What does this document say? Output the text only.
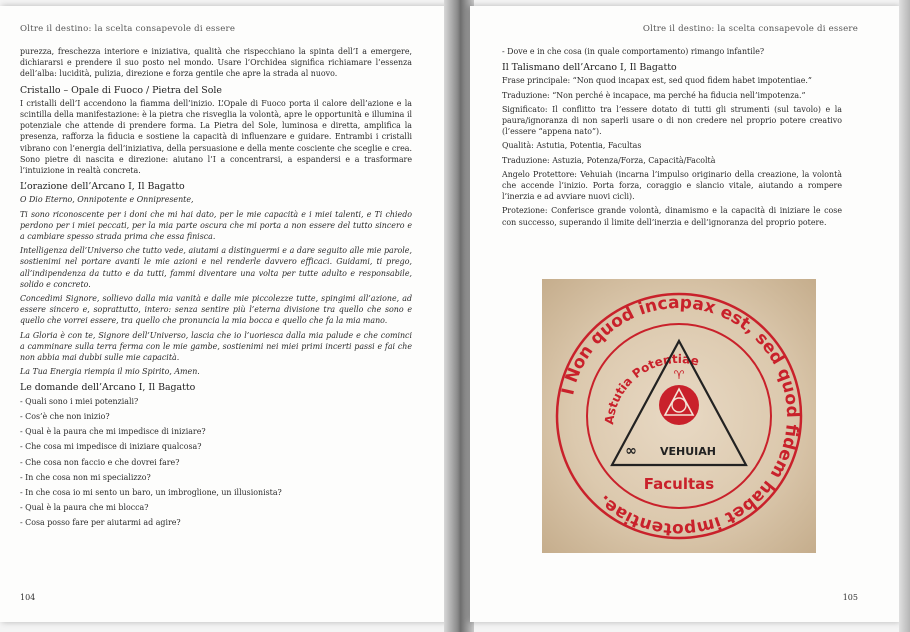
Oltre il destino: la scelta consapevole di essere

purezza, freschezza interiore e iniziativa, qualità che rispecchiano la spinta dell’I a emergere, dichiararsi e prendere il suo posto nel mondo. Usare l’Orchidea significa richiamare l’essenza dell’alba: lucidità, pulizia, direzione e forza gentile che apre la strada al nuovo.

Cristallo – Opale di Fuoco / Pietra del Sole

I cristalli dell’I accendono la fiamma dell’inizio. L’Opale di Fuoco porta il calore dell’azione e la scintilla della manifestazione: è la pietra che risveglia la volontà, apre le opportunità e illumina il potenziale che attende di prendere forma. La Pietra del Sole, luminosa e diretta, amplifica la presenza, rafforza la fiducia e sostiene la capacità di influenzare e guidare. Entrambi i cristalli vibrano con l’energia dell’iniziativa, della persuasione e della mente cosciente che sceglie e crea. Sono pietre di nascita e direzione: aiutano l’I a concentrarsi, a espandersi e a trasformare l’intuizione in realtà concreta.

L’orazione dell’Arcano I, Il Bagatto

O Dio Eterno, Onnipotente e Onnipresente,

Ti sono riconoscente per i doni che mi hai dato, per le mie capacità e i miei talenti, e Ti chiedo perdono per i miei peccati, per la mia parte oscura che mi porta a non essere del tutto sincero e a cambiare spesso strada prima che essa finisca.

Intelligenza dell’Universo che tutto vede, aiutami a distinguermi e a dare seguito alle mie parole, sostienimi nel portare avanti le mie azioni e nel renderle davvero efficaci. Guidami, ti prego, all’indipendenza da tutto e da tutti, fammi diventare una volta per tutte adulto e responsabile, solido e concreto.

Concedimi Signore, sollievo dalla mia vanità e dalle mie piccolezze tutte, spingimi all’azione, ad essere sincero e, soprattutto, intero: senza sentire più l’eterna divisione tra quello che sono e quello che vorrei essere, tra quello che pronuncia la mia bocca e quello che fa la mia mano.

La Gloria è con te, Signore dell’Universo, lascia che io l’uoriesca dalla mia palude e che cominci a camminare sulla terra ferma con le mie gambe, sostienimi nei miei primi incerti passi e fai che non abbia mai dubbi sulle mie capacità.

La Tua Energia riempia il mio Spirito, Amen.

Le domande dell’Arcano I, Il Bagatto

- Quali sono i miei potenziali?

- Cos’è che non inizio?

- Qual è la paura che mi impedisce di iniziare?

- Che cosa mi impedisce di iniziare qualcosa?

- Che cosa non faccio e che dovrei fare?

- In che cosa non mi specializzo?

- In che cosa io mi sento un baro, un imbroglione, un illusionista?

- Qual è la paura che mi blocca?

- Cosa posso fare per aiutarmi ad agire?

104
Oltre il destino: la scelta consapevole di essere

- Dove e in che cosa (in quale comportamento) rimango infantile?

Il Talismano dell’Arcano I, Il Bagatto

Frase principale: “Non quod incapax est, sed quod fidem habet impotentiae.”

Traduzione: “Non perché è incapace, ma perché ha fiducia nell’impotenza.”

Significato: Il conflitto tra l’essere dotato di tutti gli strumenti (sul tavolo) e la paura/ignoranza di non saperli usare o di non credere nel proprio potere creativo (l’essere “appena nato”).

Qualità: Astutia, Potentia, Facultas

Traduzione: Astuzia, Potenza/Forza, Capacità/Facoltà

Angelo Protettore: Vehuiah (incarna l’impulso originario della creazione, la volontà che accende l’inizio. Porta forza, coraggio e slancio vitale, aiutando a rompere l’inerzia e ad avviare nuovi cicli).

Protezione: Conferisce grande volontà, dinamismo e la capacità di iniziare le cose con successo, superando il limite dell’inerzia e dell’ignoranza del proprio potere.

I Non quod incapax est, sed quod fidem habet impotentiae.
Astutia Potentiae
♈
∞ VEHUIAH
Facultas
105
